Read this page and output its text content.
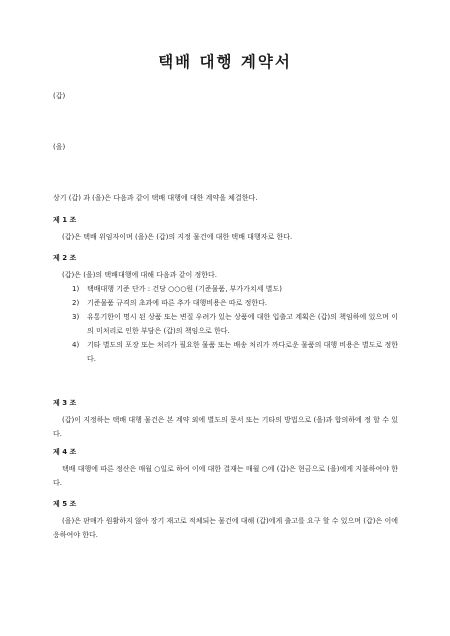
택배 대행 계약서
(갑)
(을)
상기 (갑) 과 (을)은 다음과 같이 택배 대행에 대한 계약을 체결한다.
제 1 조
(갑)은 택배 위임자이며 (을)은 (갑)의 지정 물건에 대한 택배 대행자로 한다.
제 2 조
(갑)은 (을)의 택배대행에 대해 다음과 같이 정한다.
1) 택배대행 기준 단가 : 건당 ○○○원 (기준물품, 부가가치세 별도)
2) 기준물품 규격의 초과에 따른 추가 대행비용은 따로 정한다.
3) 유통기한이 명시 된 상품 또는 변질 우려가 있는 상품에 대한 입출고 계획은 (갑)의 책임하에 있으며 이의 미처리로 인한 부담은 (갑)의 책임으로 한다.
4) 기타 별도의 포장 또는 처리가 필요한 물품 또는 배송 처리가 까다로운 물품의 대행 비용은 별도로 정한다.
제 3 조
(갑)이 지정하는 택배 대행 물건은 본 계약 외에 별도의 문서 또는 기타의 방법으로 (을)과 합의하에 정 할 수 있다.
제 4 조
택배 대행에 따른 정산은 매월 ○일로 하여 이에 대한 결재는 매월 ○에 (갑)은 현금으로 (을)에게 지불하여야 한다.
제 5 조
(을)은 판매가 원활하지 않아 장기 재고로 적체되는 물건에 대해 (갑)에게 출고를 요구 할 수 있으며 (갑)은 이에 응하여야 한다.
